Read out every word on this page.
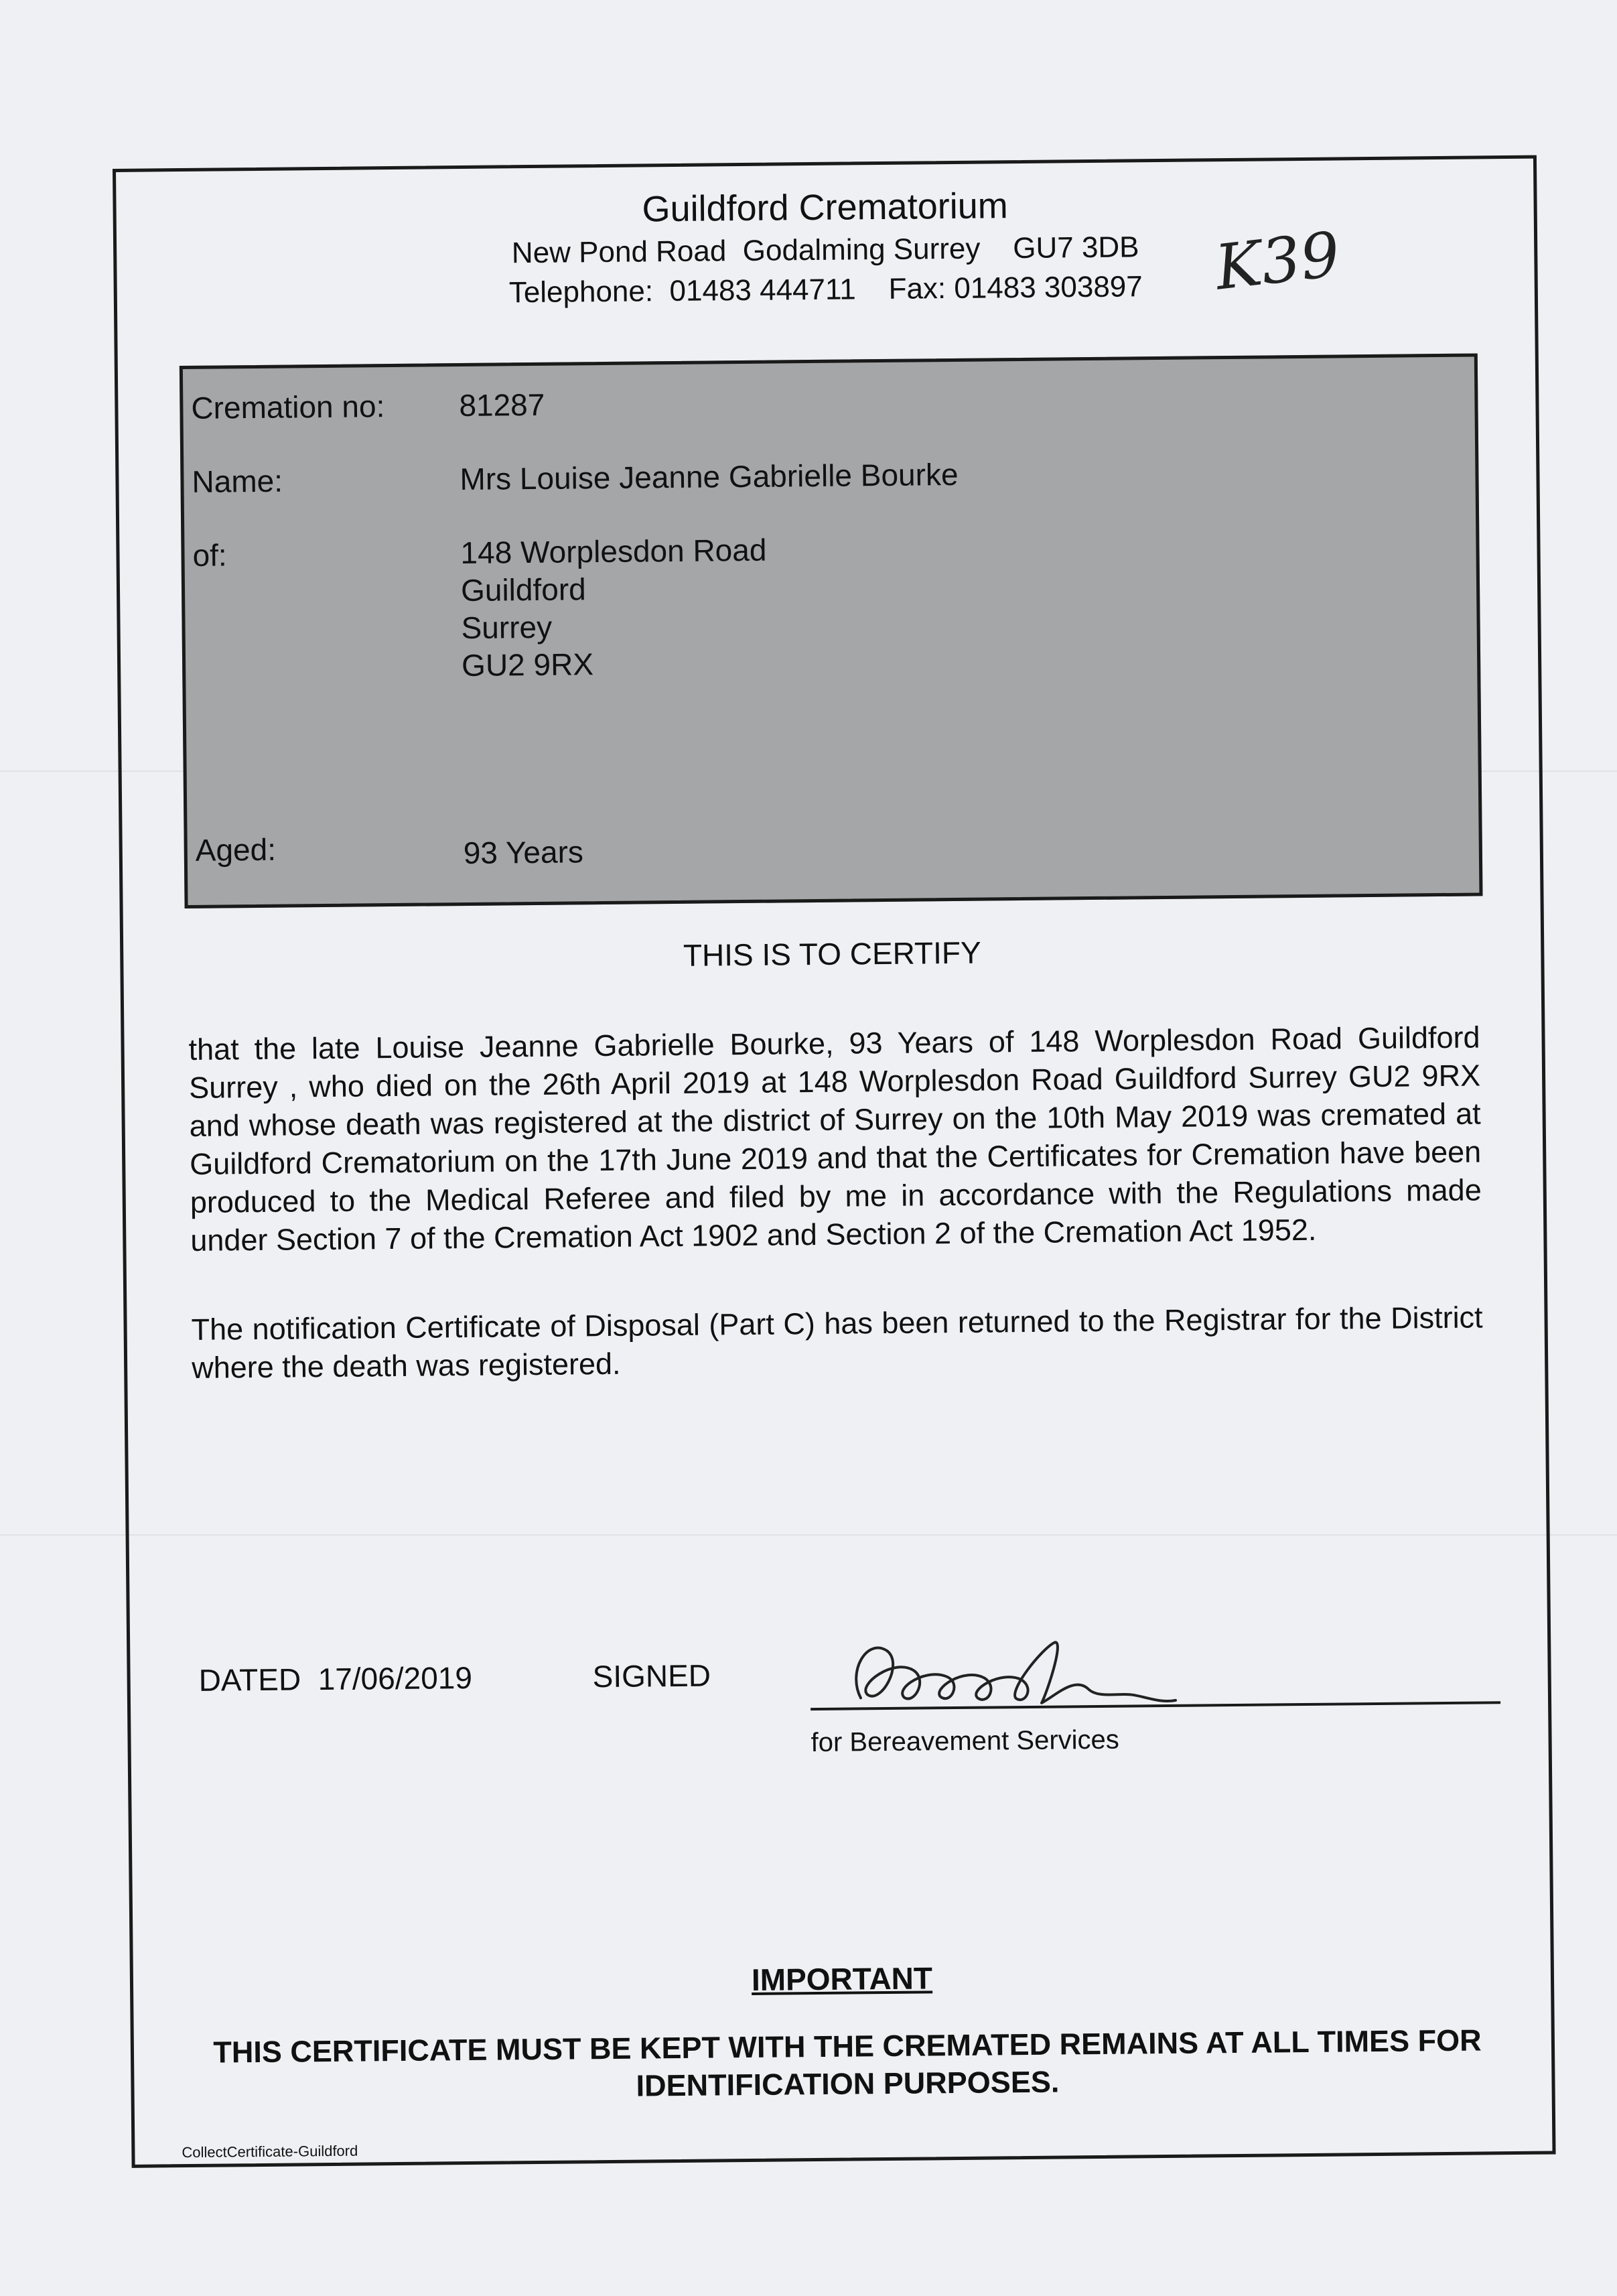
Guildford Crematorium
New Pond Road  Godalming Surrey    GU7 3DB
Telephone:  01483 444711    Fax: 01483 303897	K39
Cremation no: 81287
Name:	Mrs Louise Jeanne Gabrielle Bourke
of:	148 Worplesdon Road
Guildford
Surrey
GU2 9RX
Aged:	93 Years
THIS IS TO CERTIFY
that the late Louise Jeanne Gabrielle Bourke, 93 Years of 148 Worplesdon Road Guildford Surrey , who died on the 26th April 2019 at 148 Worplesdon Road Guildford Surrey GU2 9RX and whose death was registered at the district of Surrey on the 10th May 2019 was cremated at Guildford Crematorium on the 17th June 2019 and that the Certificates for Cremation have been produced to the Medical Referee and filed by me in accordance with the Regulations made under Section 7 of the Cremation Act 1902 and Section 2 of the Cremation Act 1952.
The notification Certificate of Disposal (Part C) has been returned to the Registrar for the District where the death was registered.
DATED 17/06/2019	SIGNED
for Bereavement Services
IMPORTANT
THIS CERTIFICATE MUST BE KEPT WITH THE CREMATED REMAINS AT ALL TIMES FOR IDENTIFICATION PURPOSES.
CollectCertificate-Guildford
